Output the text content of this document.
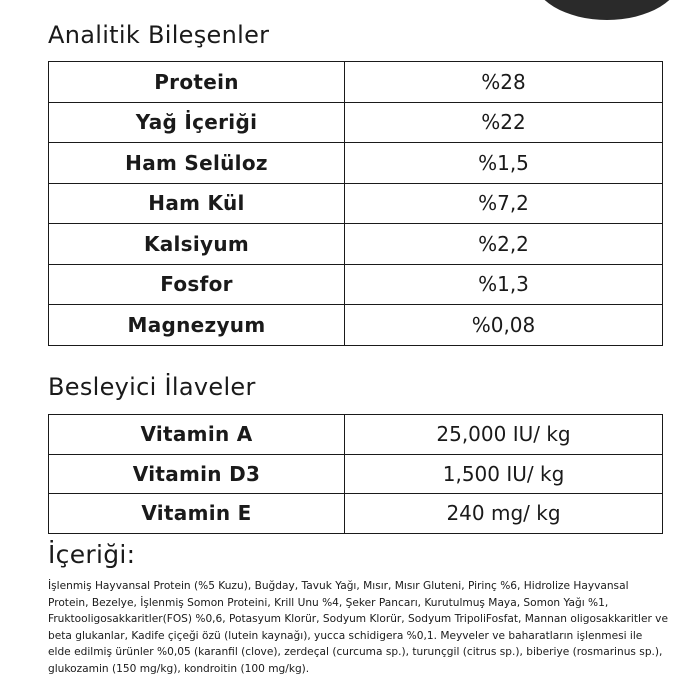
Analitik Bileşenler
Protein	%28
Yağ İçeriği	%22
Ham Selüloz	%1,5
Ham Kül	%7,2
Kalsiyum	%2,2
Fosfor	%1,3
Magnezyum	%0,08
Besleyici İlaveler
Vitamin A	25,000 IU/ kg
Vitamin D3	1,500 IU/ kg
Vitamin E	240 mg/ kg
İçeriği:

İşlenmiş Hayvansal Protein (%5 Kuzu), Buğday, Tavuk Yağı, Mısır, Mısır Gluteni, Pirinç %6, Hidrolize Hayvansal Protein, Bezelye, İşlenmiş Somon Proteini, Krill Unu %4, Şeker Pancarı, Kurutulmuş Maya, Somon Yağı %1, Fruktooligosakkaritler(FOS) %0,6, Potasyum Klorür, Sodyum Klorür, Sodyum TripoliFosfat, Mannan oligosakkaritler ve beta glukanlar, Kadife çiçeği özü (lutein kaynağı), yucca schidigera %0,1. Meyveler ve baharatların işlenmesi ile elde edilmiş ürünler %0,05 (karanfil (clove), zerdeçal (curcuma sp.), turunçgil (citrus sp.), biberiye (rosmarinus sp.), glukozamin (150 mg/kg), kondroitin (100 mg/kg).
